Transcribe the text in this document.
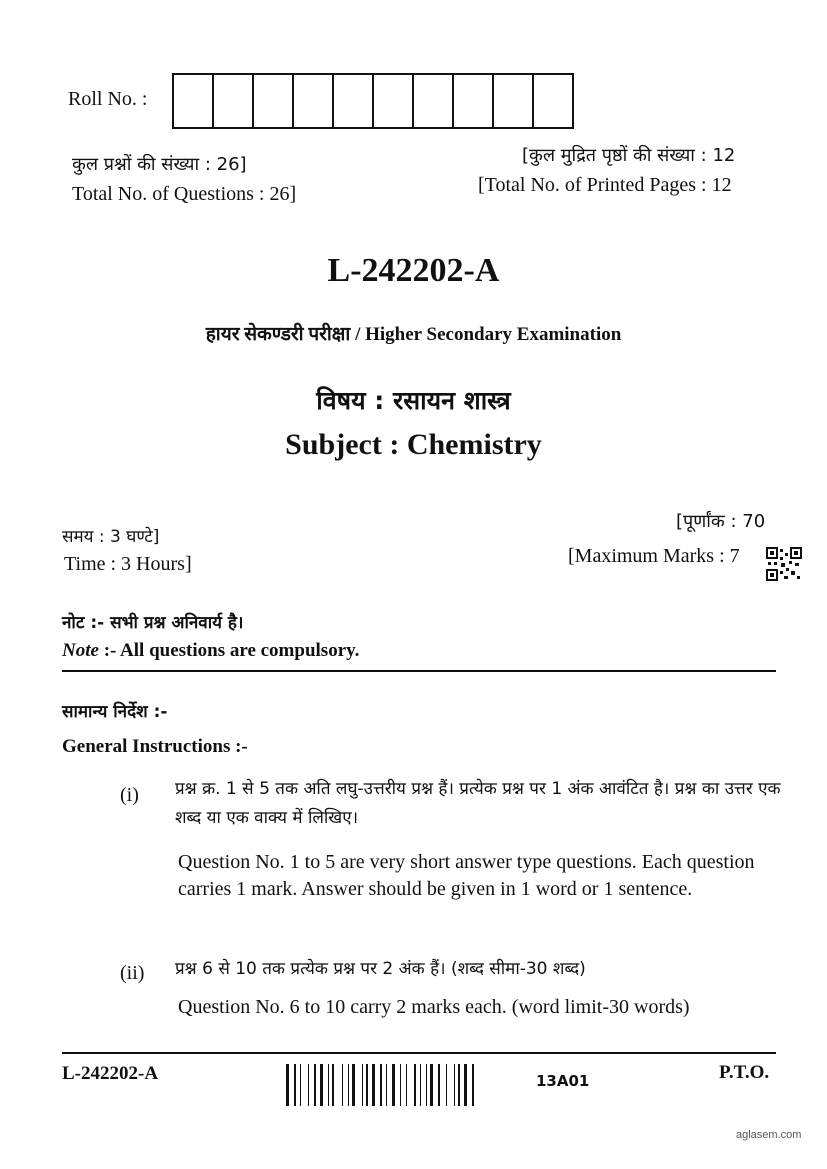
Roll No. :
कुल प्रश्नों की संख्या : 26]
Total No. of Questions : 26]
[कुल मुद्रित पृष्ठों की संख्या : 12
[Total No. of Printed Pages : 12
L-242202-A
हायर सेकण्डरी परीक्षा / Higher Secondary Examination
विषय : रसायन शास्त्र
Subject : Chemistry
समय : 3 घण्टे]
Time : 3 Hours]
[पूर्णांक : 70
[Maximum Marks : 7
नोट :- सभी प्रश्न अनिवार्य है।
Note :- All questions are compulsory.
सामान्य निर्देश :-
General Instructions :-
(i) प्रश्न क्र. 1 से 5 तक अति लघु-उत्तरीय प्रश्न हैं। प्रत्येक प्रश्न पर 1 अंक आवंटित है। प्रश्न का उत्तर एक शब्द या एक वाक्य में लिखिए।
Question No. 1 to 5 are very short answer type questions. Each question carries 1 mark. Answer should be given in 1 word or 1 sentence.
(ii) प्रश्न 6 से 10 तक प्रत्येक प्रश्न पर 2 अंक हैं। (शब्द सीमा-30 शब्द)
Question No. 6 to 10 carry 2 marks each. (word limit-30 words)
L-242202-A	13A01	P.T.O.
aglasem.com
